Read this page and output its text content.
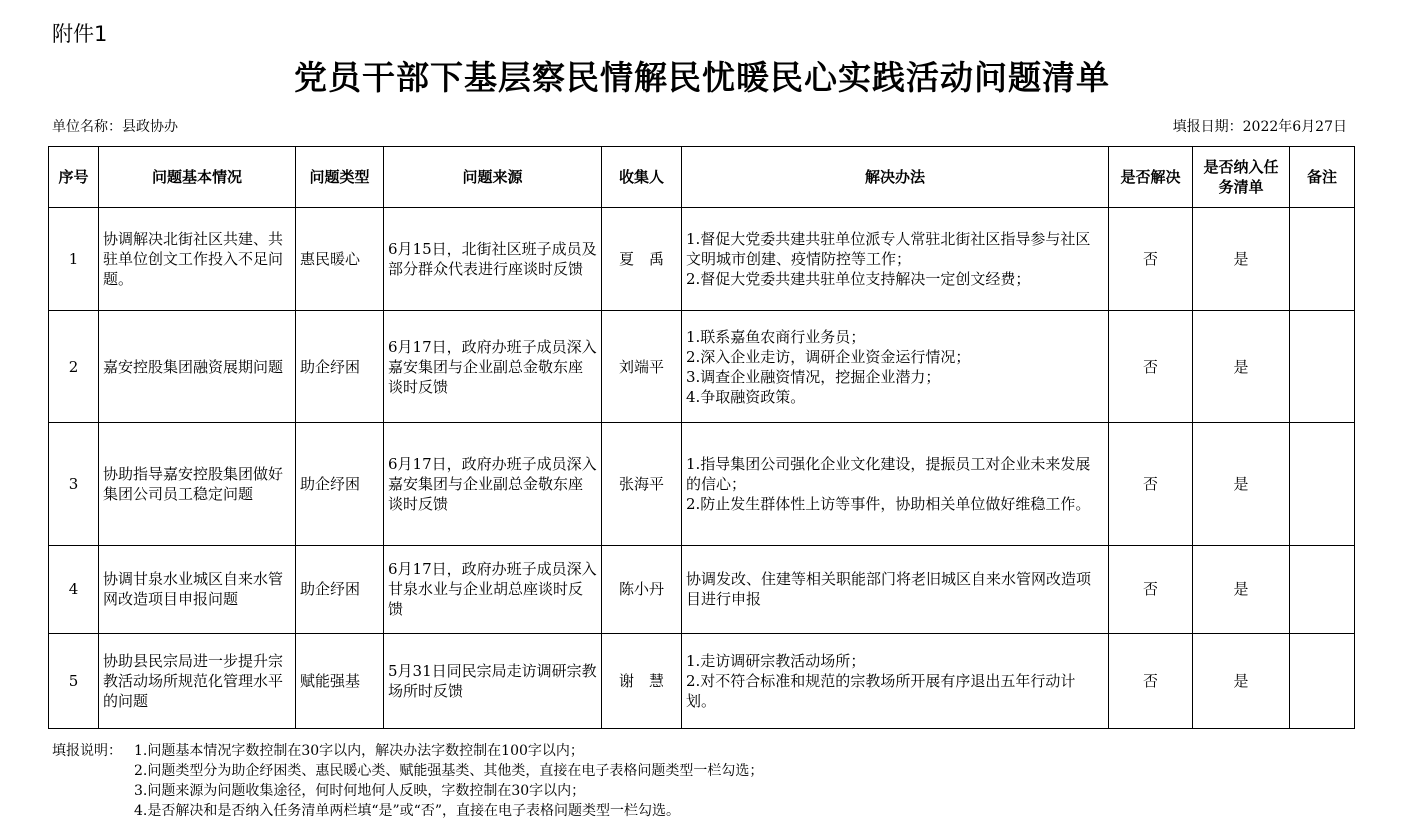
附件1
党员干部下基层察民情解民忧暖民心实践活动问题清单
单位名称：县政协办	填报日期：2022年6月27日
序号	问题基本情况	问题类型	问题来源	收集人	解决办法	是否解决	是否纳入任务清单	备注
1	协调解决北街社区共建、共驻单位创文工作投入不足问题。	惠民暖心	6月15日，北街社区班子成员及部分群众代表进行座谈时反馈	夏　禹	1.督促大党委共建共驻单位派专人常驻北街社区指导参与社区文明城市创建、疫情防控等工作；
2.督促大党委共建共驻单位支持解决一定创文经费；	否	是	
2	嘉安控股集团融资展期问题	助企纾困	6月17日，政府办班子成员深入嘉安集团与企业副总金敬东座谈时反馈	刘端平	1.联系嘉鱼农商行业务员；
2.深入企业走访，调研企业资金运行情况；
3.调查企业融资情况，挖掘企业潜力；
4.争取融资政策。	否	是	
3	协助指导嘉安控股集团做好集团公司员工稳定问题	助企纾困	6月17日，政府办班子成员深入嘉安集团与企业副总金敬东座谈时反馈	张海平	1.指导集团公司强化企业文化建设，提振员工对企业未来发展的信心；
2.防止发生群体性上访等事件，协助相关单位做好维稳工作。	否	是	
4	协调甘泉水业城区自来水管网改造项目申报问题	助企纾困	6月17日，政府办班子成员深入甘泉水业与企业胡总座谈时反馈	陈小丹	协调发改、住建等相关职能部门将老旧城区自来水管网改造项目进行申报	否	是	
5	协助县民宗局进一步提升宗教活动场所规范化管理水平的问题	赋能强基	5月31日同民宗局走访调研宗教场所时反馈	谢　慧	1.走访调研宗教活动场所；
2.对不符合标准和规范的宗教场所开展有序退出五年行动计划。	否	是	
填报说明： 1.问题基本情况字数控制在30字以内，解决办法字数控制在100字以内；
2.问题类型分为助企纾困类、惠民暖心类、赋能强基类、其他类，直接在电子表格问题类型一栏勾选；
3.问题来源为问题收集途径，何时何地何人反映，字数控制在30字以内；
4.是否解决和是否纳入任务清单两栏填“是”或“否”，直接在电子表格问题类型一栏勾选。
